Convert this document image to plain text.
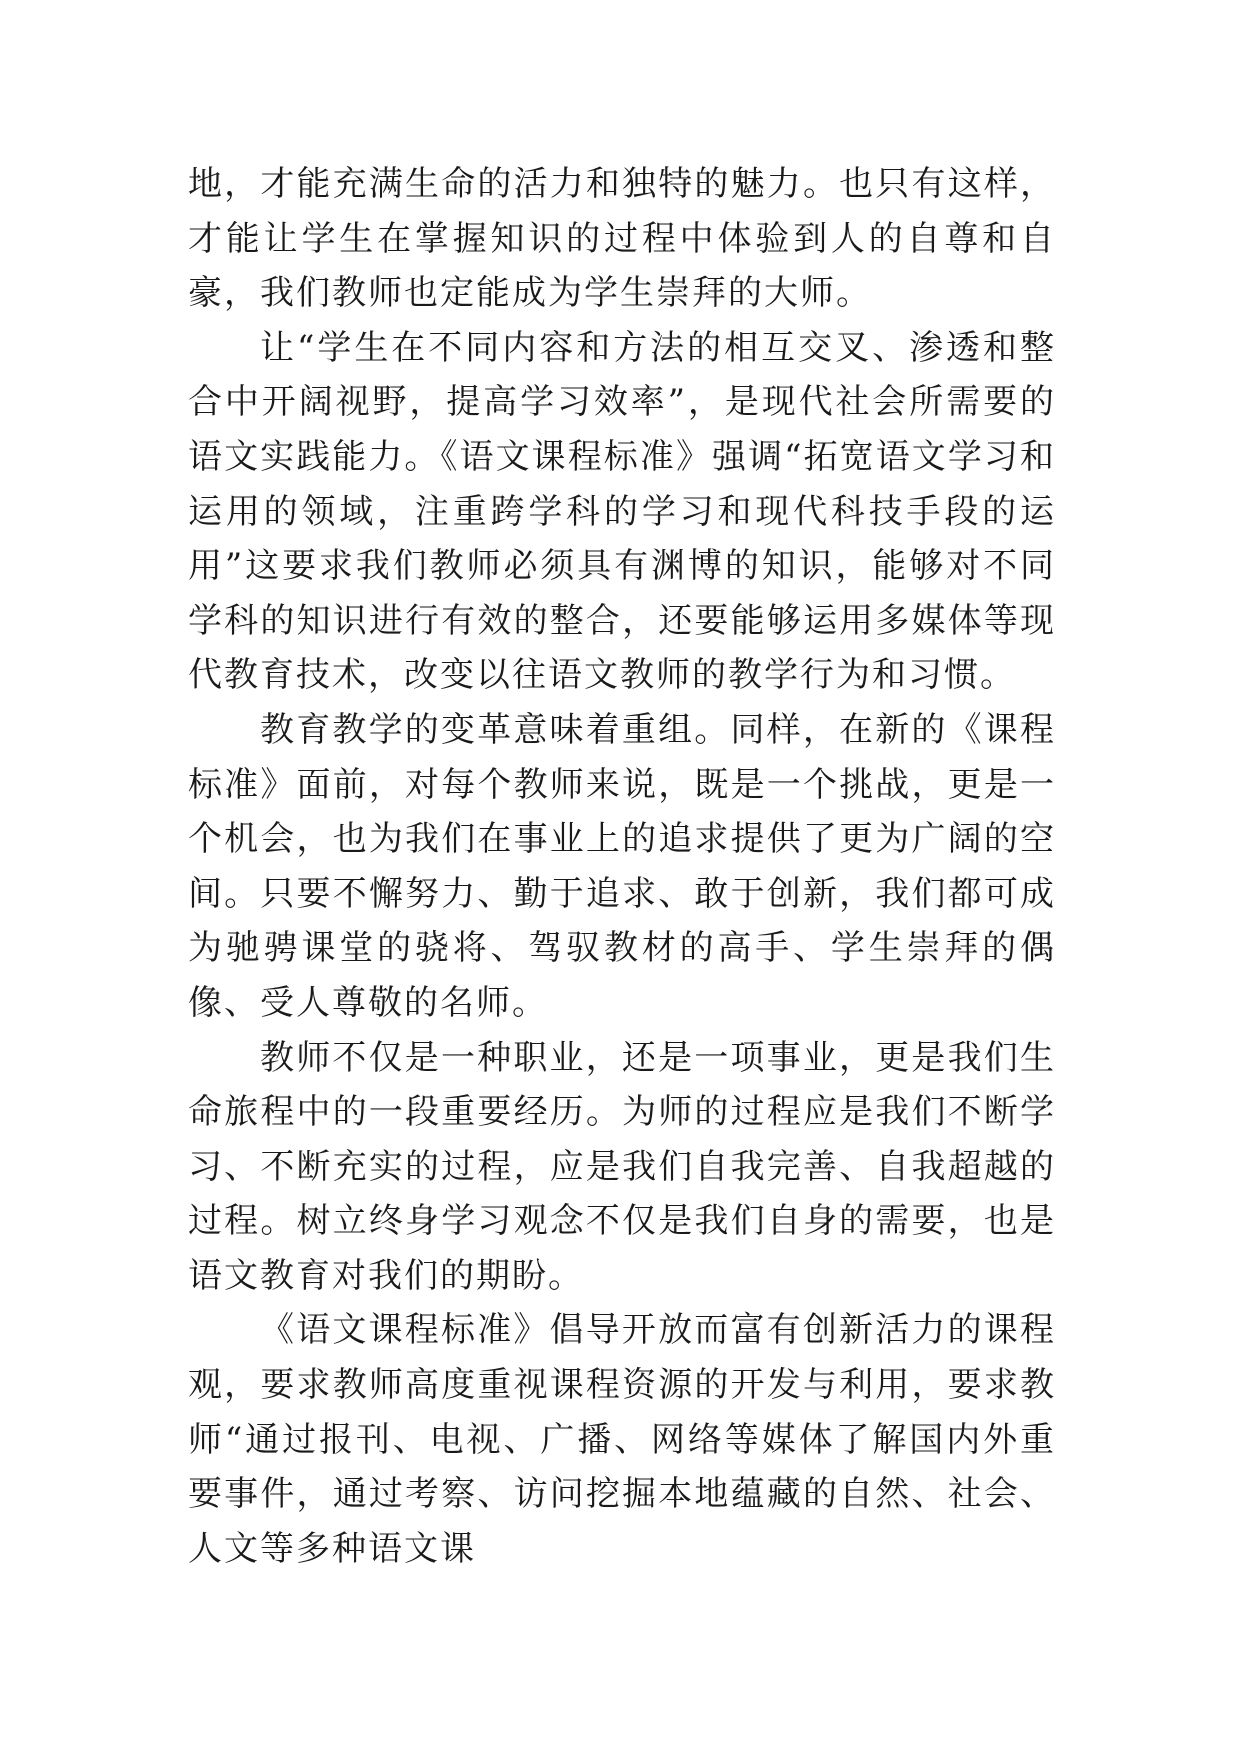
地，才能充满生命的活力和独特的魅力。也只有这样，才能让学生在掌握知识的过程中体验到人的自尊和自豪，我们教师也定能成为学生崇拜的大师。

让“学生在不同内容和方法的相互交叉、渗透和整合中开阔视野，提高学习效率”，是现代社会所需要的语文实践能力。《语文课程标准》强调“拓宽语文学习和运用的领域，注重跨学科的学习和现代科技手段的运用”这要求我们教师必须具有渊博的知识，能够对不同学科的知识进行有效的整合，还要能够运用多媒体等现代教育技术，改变以往语文教师的教学行为和习惯。

教育教学的变革意味着重组。同样，在新的《课程标准》面前，对每个教师来说，既是一个挑战，更是一个机会，也为我们在事业上的追求提供了更为广阔的空间。只要不懈努力、勤于追求、敢于创新，我们都可成为驰骋课堂的骁将、驾驭教材的高手、学生崇拜的偶像、受人尊敬的名师。

教师不仅是一种职业，还是一项事业，更是我们生命旅程中的一段重要经历。为师的过程应是我们不断学习、不断充实的过程，应是我们自我完善、自我超越的过程。树立终身学习观念不仅是我们自身的需要，也是语文教育对我们的期盼。

《语文课程标准》倡导开放而富有创新活力的课程观，要求教师高度重视课程资源的开发与利用，要求教师“通过报刊、电视、广播、网络等媒体了解国内外重要事件，通过考察、访问挖掘本地蕴藏的自然、社会、人文等多种语文课
